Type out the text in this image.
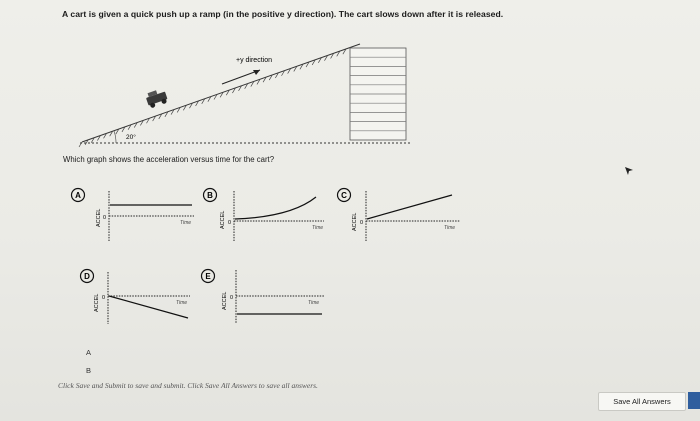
A cart is given a quick push up a ramp (in the positive y direction). The cart slows down after it is released.
+y direction
20°
Which graph shows the acceleration versus time for the cart?
A
ACCEL 0
Time
B
ACCEL 0
Time
C
ACCEL 0
Time
D
ACCEL 0
Time
E
ACCEL 0
Time
A
B
Click Save and Submit to save and submit. Click Save All Answers to save all answers.
Save All Answers
